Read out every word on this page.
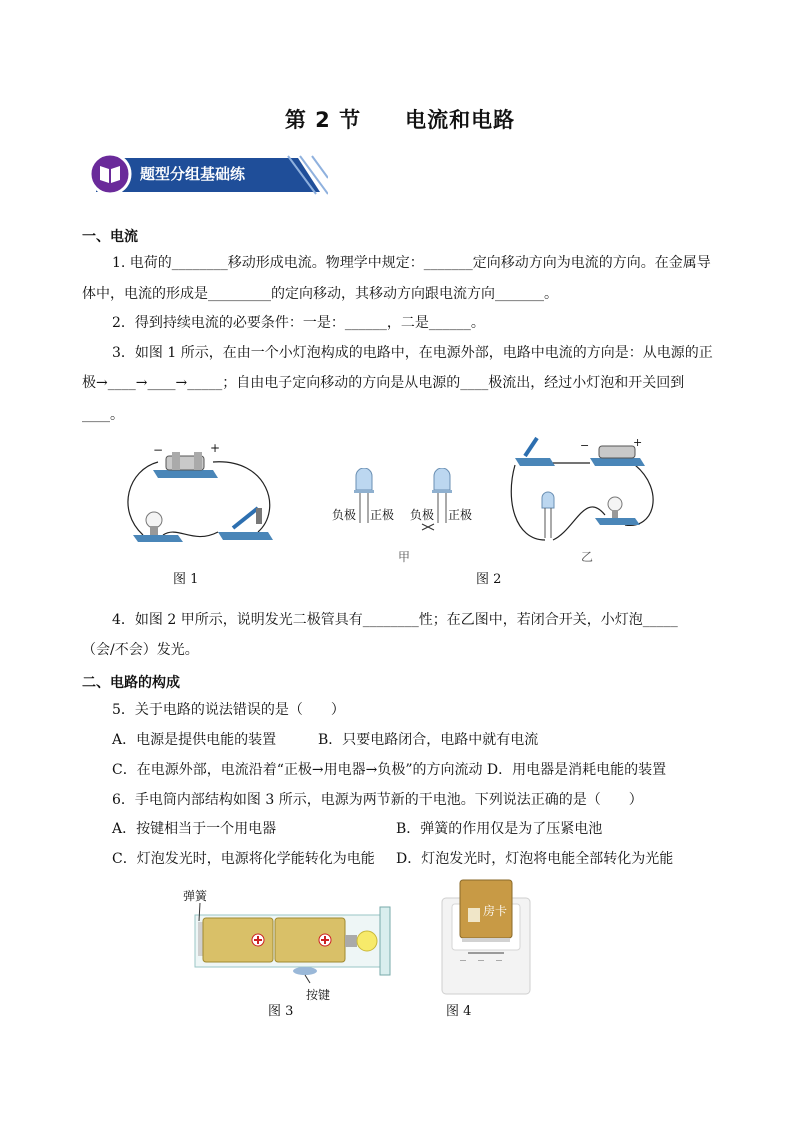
第 2 节　　电流和电路
题型分组基础练
一、电流
1. 电荷的________移动形成电流。物理学中规定：_______定向移动方向为电流的方向。在金属导
体中，电流的形成是_________的定向移动，其移动方向跟电流方向_______。
2．得到持续电流的必要条件：一是：______，二是______。
3．如图 1 所示，在由一个小灯泡构成的电路中，在电源外部，电路中电流的方向是：从电源的正
极→____→____→_____；自由电子定向移动的方向是从电源的____极流出，经过小灯泡和开关回到
____。
−	+
图 1
负极 正极 负极 正极
甲
−	+
乙
图 2
4．如图 2 甲所示，说明发光二极管具有________性；在乙图中，若闭合开关，小灯泡_____
（会/不会）发光。
二、电路的构成
5．关于电路的说法错误的是（　　）
A．电源是提供电能的装置	B．只要电路闭合，电路中就有电流
C．在电源外部，电流沿着“正极→用电器→负极”的方向流动 D．用电器是消耗电能的装置
6．手电筒内部结构如图 3 所示，电源为两节新的干电池。下列说法正确的是（　　）
A．按键相当于一个用电器	B．弹簧的作用仅是为了压紧电池
C．灯泡发光时，电源将化学能转化为电能	D．灯泡发光时，灯泡将电能全部转化为光能
弹簧
按键
图 3
房卡
图 4
